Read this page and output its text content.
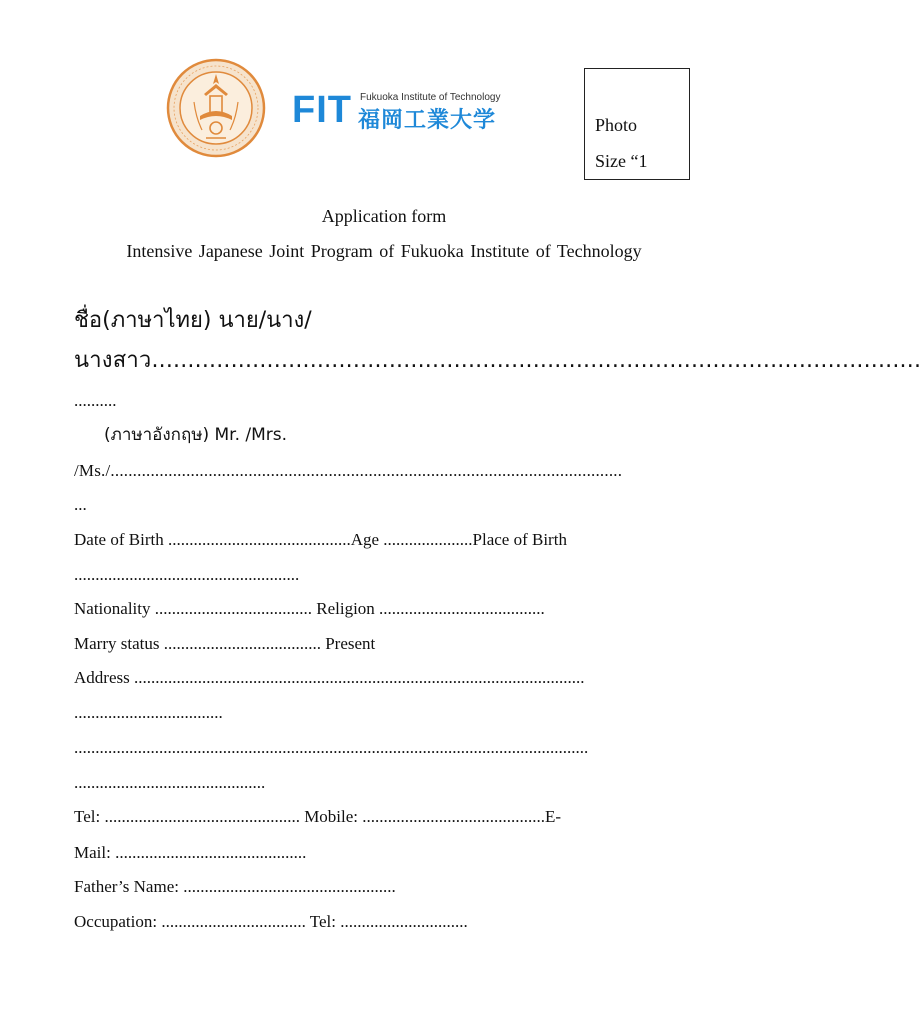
FIT Fukuoka Institute of Technology
福岡工業大学	Photo
Size “1
Application form
Intensive Japanese Joint Program of Fukuoka Institute of Technology
ชื่อ(ภาษาไทย) นาย/นาง/
นางสาว...........................................................................................................
..........
(ภาษาอังกฤษ) Mr. /Mrs.
/Ms./...................................................................................................................
...
Date of Birth ...........................................Age .....................Place of Birth
.....................................................
Nationality ..................................... Religion .......................................
Marry status ..................................... Present
Address ..........................................................................................................
...................................
.........................................................................................................................
.............................................
Tel: .............................................. Mobile: ...........................................E-
Mail: .............................................
Father’s Name: ..................................................
Occupation: .................................. Tel: ..............................
